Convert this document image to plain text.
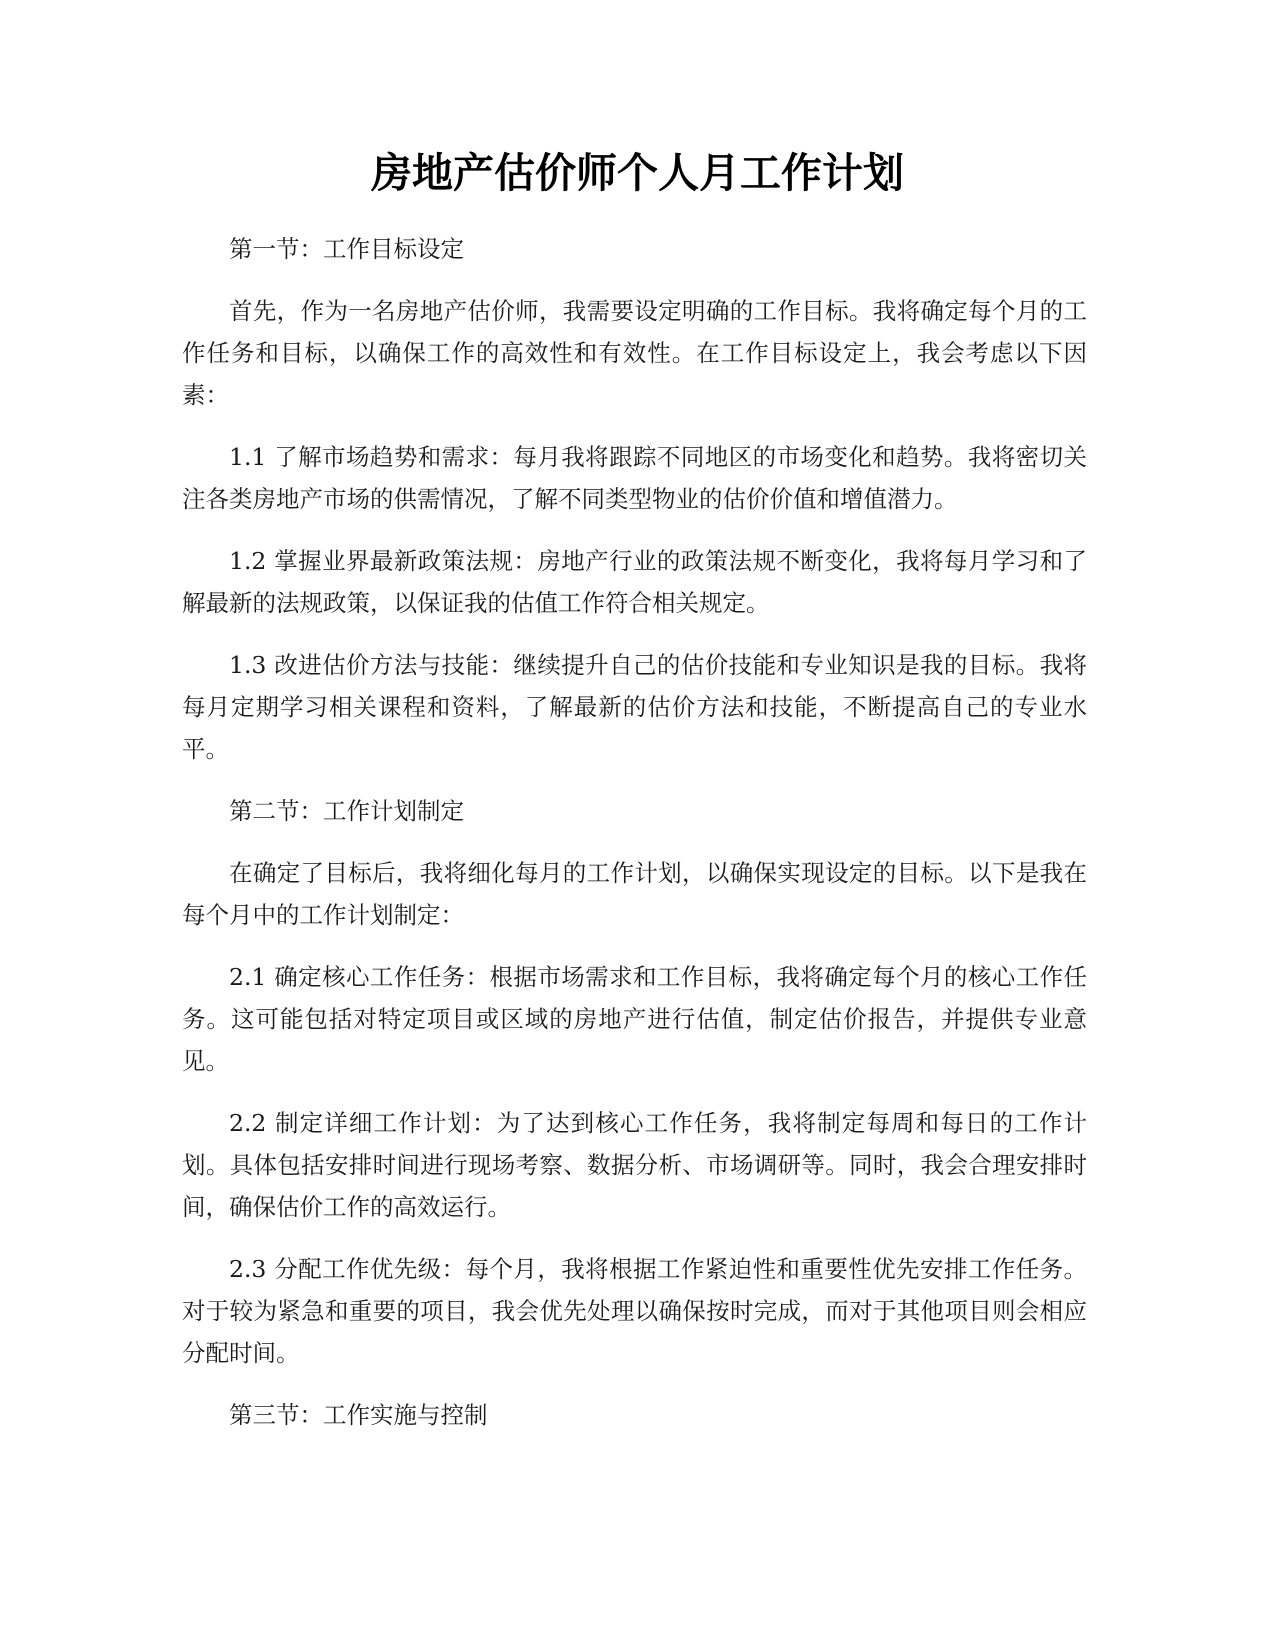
房地产估价师个人月工作计划

第一节：工作目标设定

首先，作为一名房地产估价师，我需要设定明确的工作目标。我将确定每个月的工作任务和目标，以确保工作的高效性和有效性。在工作目标设定上，我会考虑以下因素：

1.1 了解市场趋势和需求：每月我将跟踪不同地区的市场变化和趋势。我将密切关注各类房地产市场的供需情况，了解不同类型物业的估价价值和增值潜力。

1.2 掌握业界最新政策法规：房地产行业的政策法规不断变化，我将每月学习和了解最新的法规政策，以保证我的估值工作符合相关规定。

1.3 改进估价方法与技能：继续提升自己的估价技能和专业知识是我的目标。我将每月定期学习相关课程和资料，了解最新的估价方法和技能，不断提高自己的专业水平。

第二节：工作计划制定

在确定了目标后，我将细化每月的工作计划，以确保实现设定的目标。以下是我在每个月中的工作计划制定：

2.1 确定核心工作任务：根据市场需求和工作目标，我将确定每个月的核心工作任务。这可能包括对特定项目或区域的房地产进行估值，制定估价报告，并提供专业意见。

2.2 制定详细工作计划：为了达到核心工作任务，我将制定每周和每日的工作计划。具体包括安排时间进行现场考察、数据分析、市场调研等。同时，我会合理安排时间，确保估价工作的高效运行。

2.3 分配工作优先级：每个月，我将根据工作紧迫性和重要性优先安排工作任务。对于较为紧急和重要的项目，我会优先处理以确保按时完成，而对于其他项目则会相应分配时间。

第三节：工作实施与控制
